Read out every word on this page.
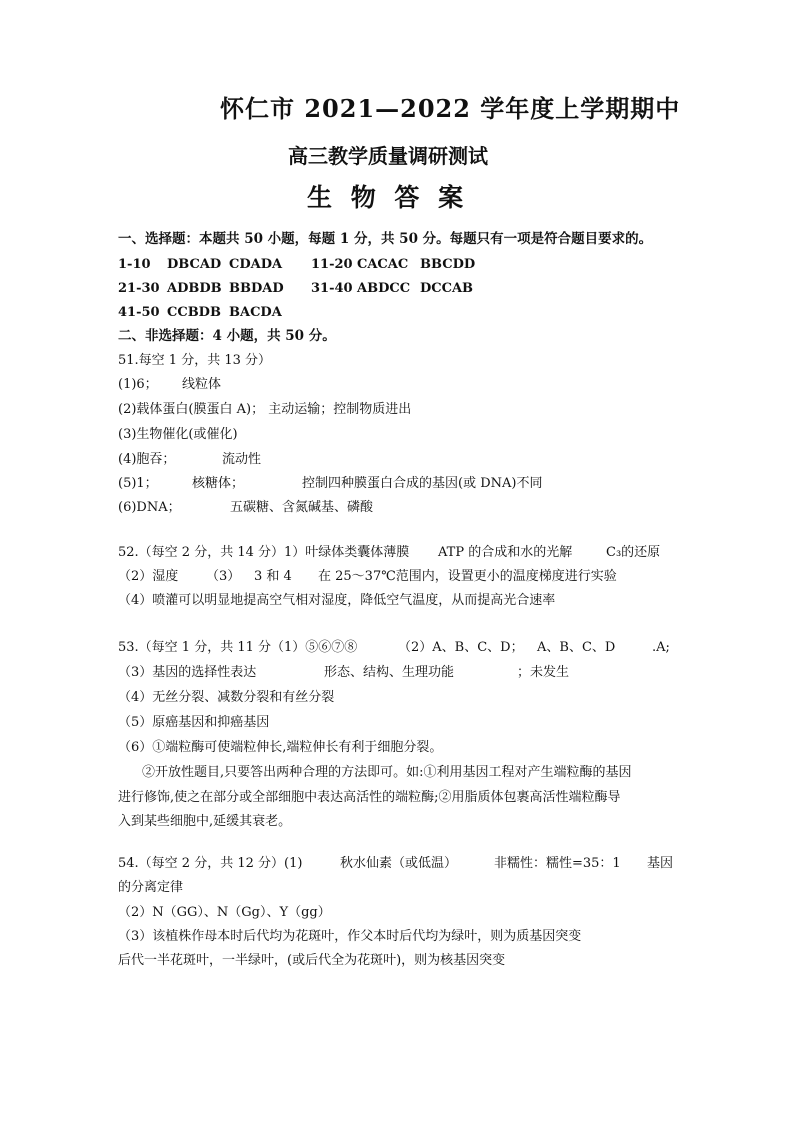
怀仁市 2021—2022 学年度上学期期中
高三教学质量调研测试
生 物 答 案
一、选择题：本题共 50 小题，每题 1 分，共 50 分。每题只有一项是符合题目要求的。
1-10 DBCAD CDADA 11-20 CACAC BBCDD
21-30 ADBDB BBDAD 31-40 ABDCC DCCAB
41-50 CCBDB BACDA
二、非选择题：4 小题，共 50 分。
51.每空 1 分，共 13 分）
(1)6； 线粒体
(2)载体蛋白(膜蛋白 A)； 主动运输；控制物质进出
(3)生物催化(或催化)
(4)胞吞；	流动性
(5)1；	核糖体；	控制四种膜蛋白合成的基因(或 DNA)不同
(6)DNA；	五碳糖、含氮碱基、磷酸
52.（每空 2 分，共 14 分）1）叶绿体类囊体薄膜 ATP 的合成和水的光解	C₃的还原
（2）湿度 （3） 3 和 4 在 25～37℃范围内，设置更小的温度梯度进行实验
（4）喷灌可以明显地提高空气相对湿度，降低空气温度，从而提高光合速率
53.（每空 1 分，共 11 分（1）⑤⑥⑦⑧	（2）A、B、C、D； A、B、C、D	.A;
（3）基因的选择性表达	形态、结构、生理功能	；未发生
（4）无丝分裂、减数分裂和有丝分裂
（5）原癌基因和抑癌基因
（6）①端粒酶可使端粒伸长,端粒伸长有利于细胞分裂。
②开放性题目,只要答出两种合理的方法即可。如:①利用基因工程对产生端粒酶的基因
进行修饰,使之在部分或全部细胞中表达高活性的端粒酶;②用脂质体包裹高活性端粒酶导
入到某些细胞中,延缓其衰老。
54.（每空 2 分，共 12 分）(1)	秋水仙素（或低温）	非糯性：糯性=35：1 基因
的分离定律
（2）N（GG）、N（Gg）、Y（gg）
（3）该植株作母本时后代均为花斑叶，作父本时后代均为绿叶，则为质基因突变
后代一半花斑叶，一半绿叶，(或后代全为花斑叶)，则为核基因突变
